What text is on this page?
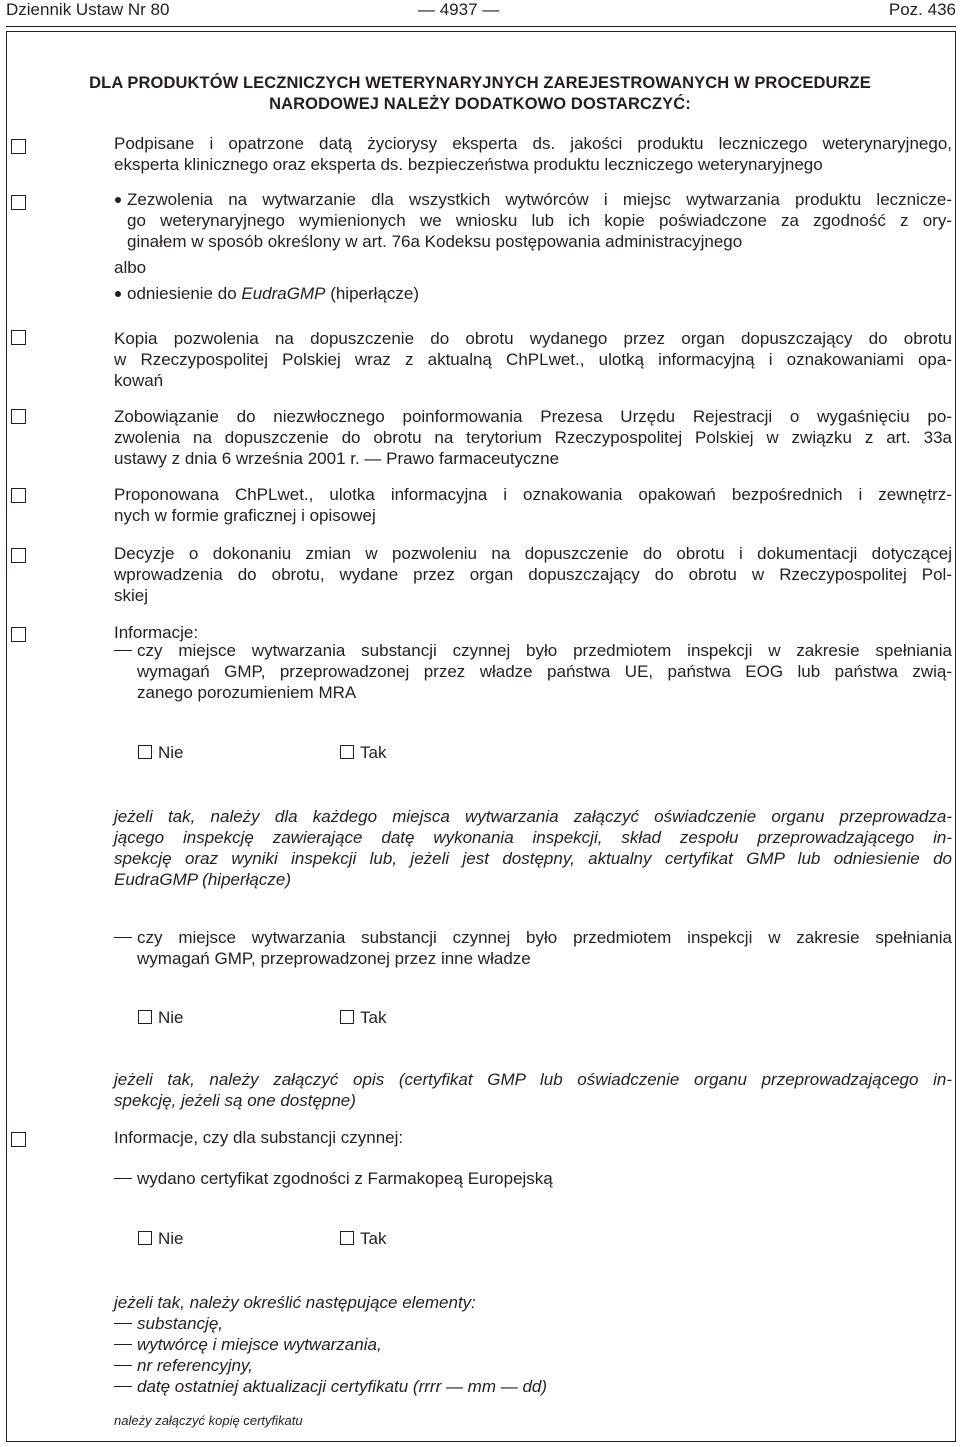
Dziennik Ustaw Nr 80	— 4937 —	Poz. 436
DLA PRODUKTÓW LECZNICZYCH WETERYNARYJNYCH ZAREJESTROWANYCH W PROCEDURZE
NARODOWEJ NALEŻY DODATKOWO DOSTARCZYĆ:
Podpisane i opatrzone datą życiorysy eksperta ds. jakości produktu leczniczego weterynaryjnego,
eksperta klinicznego oraz eksperta ds. bezpieczeństwa produktu leczniczego weterynaryjnego
Zezwolenia na wytwarzanie dla wszystkich wytwórców i miejsc wytwarzania produktu lecznicze-
go weterynaryjnego wymienionych we wniosku lub ich kopie poświadczone za zgodność z ory-
ginałem w sposób określony w art. 76a Kodeksu postępowania administracyjnego
albo
odniesienie do EudraGMP (hiperłącze)
Kopia pozwolenia na dopuszczenie do obrotu wydanego przez organ dopuszczający do obrotu
w Rzeczypospolitej Polskiej wraz z aktualną ChPLwet., ulotką informacyjną i oznakowaniami opa-
kowań
Zobowiązanie do niezwłocznego poinformowania Prezesa Urzędu Rejestracji o wygaśnięciu po-
zwolenia na dopuszczenie do obrotu na terytorium Rzeczypospolitej Polskiej w związku z art. 33a
ustawy z dnia 6 września 2001 r. — Prawo farmaceutyczne
Proponowana ChPLwet., ulotka informacyjna i oznakowania opakowań bezpośrednich i zewnętrz-
nych w formie graficznej i opisowej
Decyzje o dokonaniu zmian w pozwoleniu na dopuszczenie do obrotu i dokumentacji dotyczącej
wprowadzenia do obrotu, wydane przez organ dopuszczający do obrotu w Rzeczypospolitej Pol-
skiej
Informacje:
czy miejsce wytwarzania substancji czynnej było przedmiotem inspekcji w zakresie spełniania
wymagań GMP, przeprowadzonej przez władze państwa UE, państwa EOG lub państwa zwią-
zanego porozumieniem MRA
Nie	Tak
jeżeli tak, należy dla każdego miejsca wytwarzania załączyć oświadczenie organu przeprowadza-
jącego inspekcję zawierające datę wykonania inspekcji, skład zespołu przeprowadzającego in-
spekcję oraz wyniki inspekcji lub, jeżeli jest dostępny, aktualny certyfikat GMP lub odniesienie do
EudraGMP (hiperłącze)
czy miejsce wytwarzania substancji czynnej było przedmiotem inspekcji w zakresie spełniania
wymagań GMP, przeprowadzonej przez inne władze
Nie	Tak
jeżeli tak, należy załączyć opis (certyfikat GMP lub oświadczenie organu przeprowadzającego in-
spekcję, jeżeli są one dostępne)
Informacje, czy dla substancji czynnej:
wydano certyfikat zgodności z Farmakopeą Europejską
Nie	Tak
jeżeli tak, należy określić następujące elementy:
substancję,
wytwórcę i miejsce wytwarzania,
nr referencyjny,
datę ostatniej aktualizacji certyfikatu (rrrr — mm — dd)
należy załączyć kopię certyfikatu
